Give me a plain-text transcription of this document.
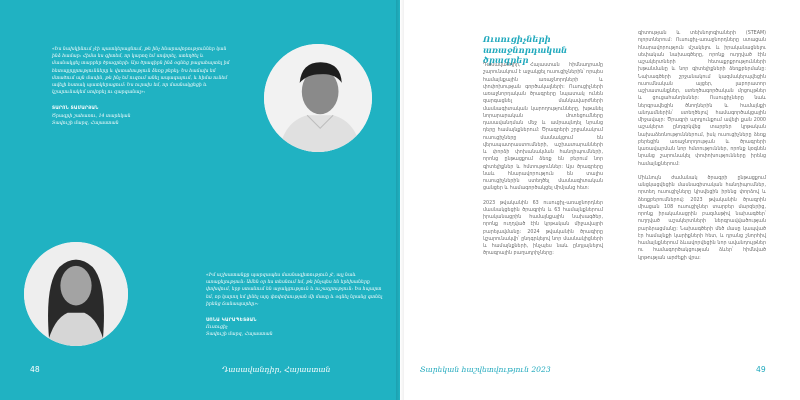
«Ես նախկինում չէի պատկերացնում, թե ինչ հնարավորություններ կան ինձ համար: Հիմա ես գիտեմ, որ կարող եմ սովորել, ստեղծել և մասնակցել տարբեր ծրագրերի: Այս ծրագիրն ինձ օգնեց բացահայտել իմ հետաքրքրությունները և վստահություն ձեռք բերել: Ես հաճախ եմ մտածում այն մասին, թե ինչ եմ ուզում անել ապագայում, և հիմա ունեմ ավելի հստակ պատկերացում: Ես ուրախ եմ, որ մասնակցեցի և կշարունակեմ սովորել ու զարգանալ»:

ՏԱՐՈՆ ՏԱՄԱՐՅԱՆ
Ծրագրի շահառու, 14 տարեկան
Տավուշի մարզ, Հայաստան

«Իմ աշխատանքը պարզապես մասնագիտություն չէ, այլ նաև առաքելություն: Ամեն օր ես տեսնում եմ, թե ինչպես են երեխաները փոխվում, երբ ստանում են աջակցություն և ուշադրություն: Ես հպարտ եմ, որ կարող եմ լինել այդ փոփոխության մի մասը և օգնել նրանց գտնել իրենց ճանապարհը»:

ՍՈՆԱ ԿԱՐԱՊԵՏՅԱՆ
Ուսուցիչ
Տավուշի մարզ, Հայաստան
48	Դասավանդիր, Հայաստան
Ուսուցիչների առաջնորդական ծրագրեր

Դասավանդիր, Հայաստան հիմնադրամը շարունակում է աջակցել ուսուցիչներին՝ որպես համայնքային առաջնորդների և փոփոխության գործակալների: Ուսուցիչների առաջնորդական ծրագրերը նպատակ ունեն զարգացնել մանկավարժների մասնագիտական կարողությունները, խթանել նորարարական մոտեցումները դասավանդման մեջ և ամրապնդել նրանց դերը համայնքներում: Ծրագրերի շրջանակում ուսուցիչները մասնակցում են վերապատրաստումների, աշխատարանների և փորձի փոխանակման հանդիպումների, որոնց ընթացքում ձեռք են բերում նոր գիտելիքներ և հմտություններ: Այս ծրագրերը նաև հնարավորություն են տալիս ուսուցիչներին ստեղծել մասնագիտական ցանցեր և համագործակցել միմյանց հետ:

2023 թվականին 63 ուսուցիչ-առաջնորդներ մասնակցեցին ծրագրին և 63 համայնքներում իրականացրին համայնքային նախագծեր, որոնք ուղղված էին կրթական միջավայրի բարելավմանը: 2024 թվականին ծրագիրը կշարունակվի՝ ընդգրկելով նոր մասնակիցների և համայնքների, ինչպես նաև ընդլայնելով ծրագրային բաղադրիչները:

գիտության և տեխնոլոգիաների (STEAM) ոլորտներում: Ուսուցիչ-առաջնորդները ստացան հնարավորություն մշակելու և իրականացնելու սեփական նախագծերը, որոնք ուղղված էին աշակերտների հետաքրքրությունների խթանմանը և նոր գիտելիքների ձեռքբերմանը: Նախագծերի շրջանակում կազմակերպվեցին ուսումնական այցեր, լաբորատոր աշխատանքներ, ստեղծագործական մրցույթներ և ցուցահանդեսներ: Ուսուցիչները նաև ներգրավեցին ծնողներին և համայնքի անդամներին՝ ստեղծելով համագործակցային միջավայր: Ծրագրի արդյունքում ավելի քան 2000 աշակերտ ընդգրկվեց տարբեր կրթական նախաձեռնություններում, իսկ ուսուցիչները ձեռք բերեցին առաջնորդության և ծրագրերի կառավարման նոր հմտություններ, որոնք կօգնեն նրանց շարունակել փոփոխությունները իրենց համայնքներում:

Միևնույն ժամանակ ծրագրի ընթացքում անցկացվեցին մասնագիտական հանդիպումներ, որտեղ ուսուցիչները կիսվեցին իրենց փորձով և ձեռքբերումներով: 2023 թվականին ծրագրին միացան 108 ուսուցիչներ տարբեր մարզերից, որոնք իրականացրին բազմաթիվ նախագծեր՝ ուղղված աշակերտների ներգրավվածության բարձրացմանը: Նախագծերի մեծ մասը կապված էր համայնքի կարիքների հետ, և դրանց շնորհիվ համայնքներում ձևավորվեցին նոր ավանդույթներ ու համագործակցության ձևեր՝ հիմնված կրթության արժեքի վրա:

Տարեկան հաշվետվություն 2023	49
